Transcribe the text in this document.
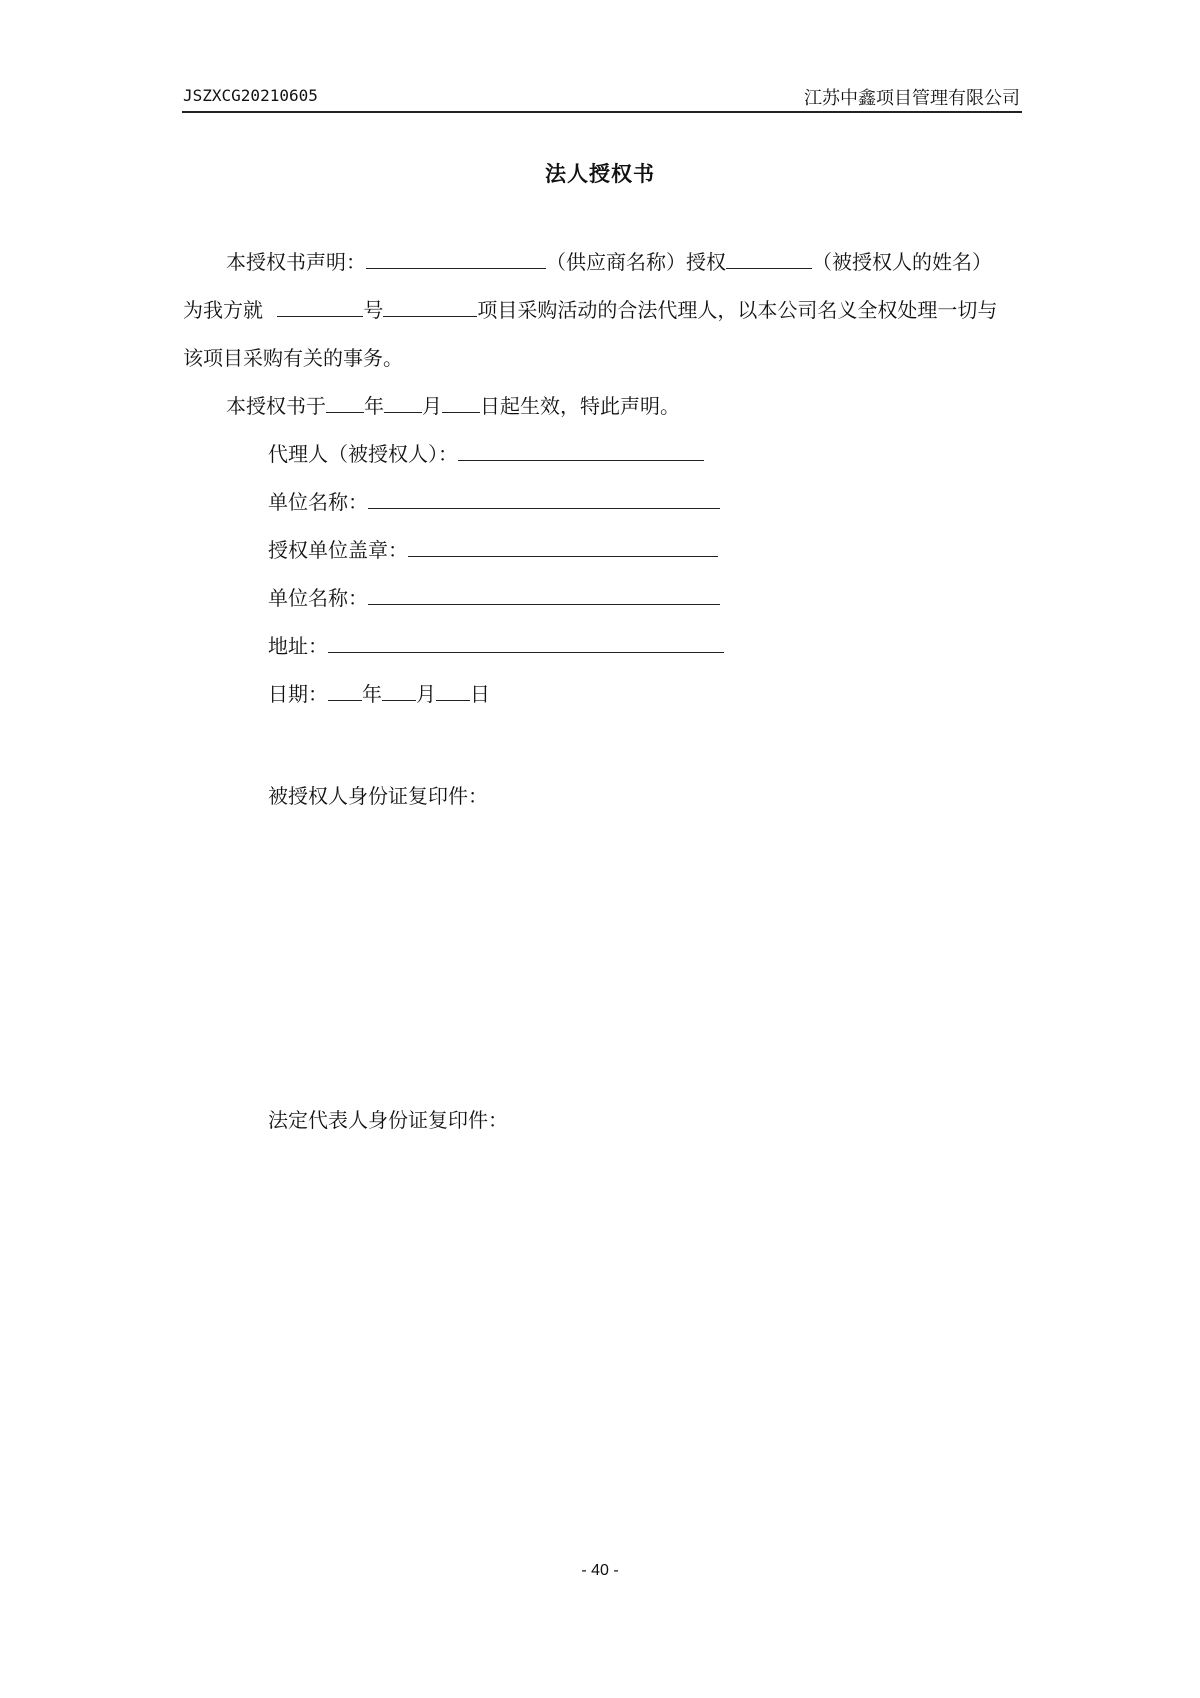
JSZXCG20210605	江苏中鑫项目管理有限公司
法人授权书
本授权书声明：	（供应商名称）授权	（被授权人的姓名）
为我方就	号	项目采购活动的合法代理人，以本公司名义全权处理一切与
该项目采购有关的事务。
本授权书于 年 月 日起生效，特此声明。
代理人（被授权人）：
单位名称：
授权单位盖章：
单位名称：
地址：
日期： 年 月 日
被授权人身份证复印件：
法定代表人身份证复印件：
- 40 -
